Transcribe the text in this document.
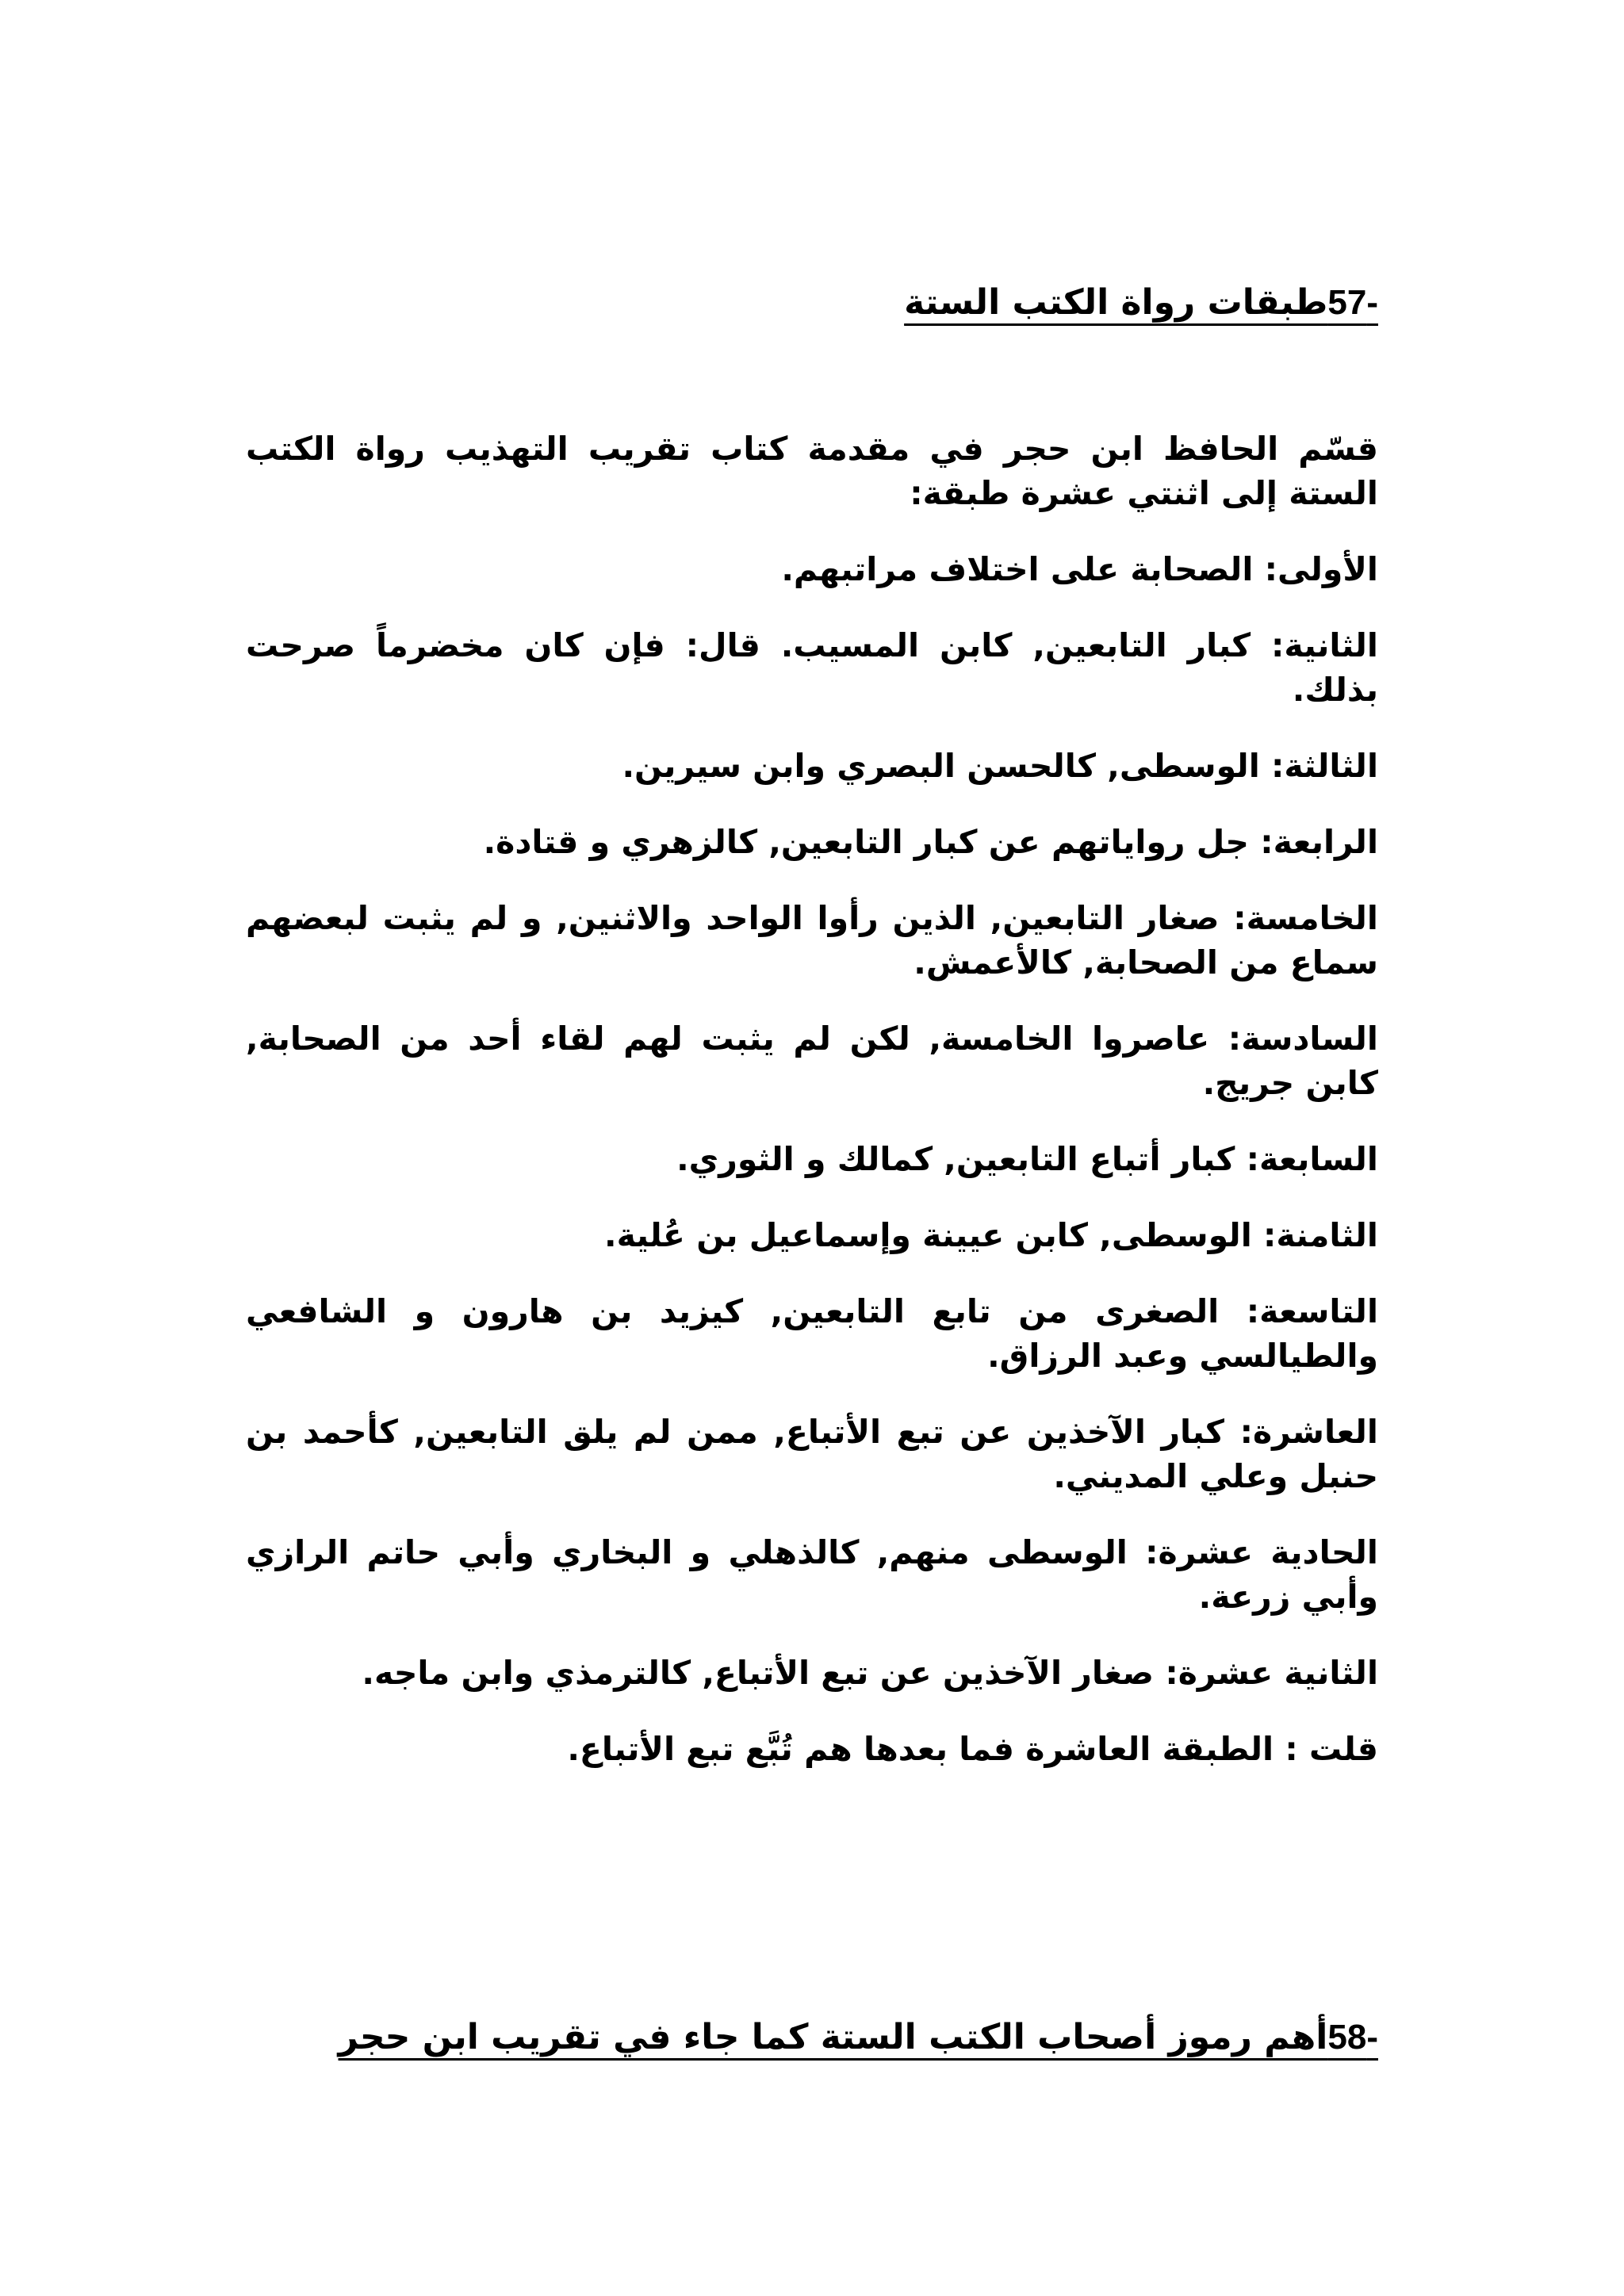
-57طبقات رواة الكتب الستة

قسّم الحافظ ابن حجر في مقدمة كتاب تقريب التهذيب رواة الكتب الستة إلى اثنتي عشرة طبقة:

الأولى: الصحابة على اختلاف مراتبهم.

الثانية: كبار التابعين, كابن المسيب. قال: فإن كان مخضرماً صرحت بذلك.

الثالثة: الوسطى, كالحسن البصري وابن سيرين.

الرابعة: جل رواياتهم عن كبار التابعين, كالزهري و قتادة.

الخامسة: صغار التابعين, الذين رأوا الواحد والاثنين, و لم يثبت لبعضهم سماع من الصحابة, كالأعمش.

السادسة: عاصروا الخامسة, لكن لم يثبت لهم لقاء أحد من الصحابة, كابن جريج.

السابعة: كبار أتباع التابعين, كمالك و الثوري.

الثامنة: الوسطى, كابن عيينة وإسماعيل بن عُلية.

التاسعة: الصغرى من تابع التابعين, كيزيد بن هارون و الشافعي والطيالسي وعبد الرزاق.

العاشرة: كبار الآخذين عن تبع الأتباع, ممن لم يلق التابعين, كأحمد بن حنبل وعلي المديني.

الحادية عشرة: الوسطى منهم, كالذهلي و البخاري وأبي حاتم الرازي وأبي زرعة.

الثانية عشرة: صغار الآخذين عن تبع الأتباع, كالترمذي وابن ماجه.

قلت : الطبقة العاشرة فما بعدها هم تُبَّع تبع الأتباع.

-58أهم رموز أصحاب الكتب الستة كما جاء في تقريب ابن حجر
